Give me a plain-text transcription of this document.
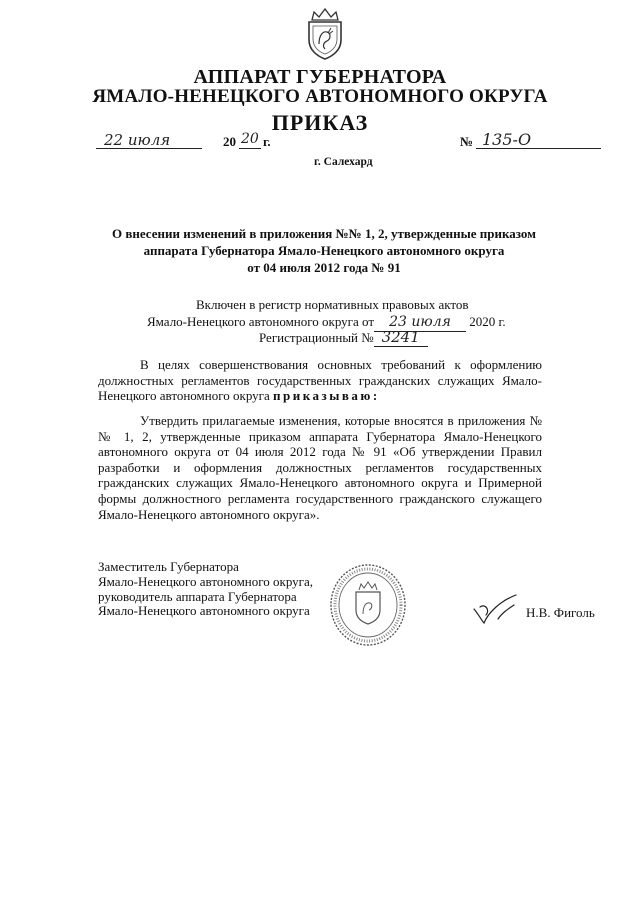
АППАРАТ ГУБЕРНАТОРА
ЯМАЛО-НЕНЕЦКОГО АВТОНОМНОГО ОКРУГА
ПРИКАЗ
22 июля	20 20 г.	№ 135-О
г. Салехард
О внесении изменений в приложения №№ 1, 2, утвержденные приказом
аппарата Губернатора Ямало-Ненецкого автономного округа
от 04 июля 2012 года № 91
Включен в регистр нормативных правовых актов
Ямало-Ненецкого автономного округа от 23 июля 2020 г.
Регистрационный № 3241
В целях совершенствования основных требований к оформлению должностных регламентов государственных гражданских служащих Ямало-Ненецкого автономного округа приказываю:
Утвердить прилагаемые изменения, которые вносятся в приложения №№ 1, 2, утвержденные приказом аппарата Губернатора Ямало-Ненецкого автономного округа от 04 июля 2012 года № 91 «Об утверждении Правил разработки и оформления должностных регламентов государственных гражданских служащих Ямало-Ненецкого автономного округа и Примерной формы должностного регламента государственного гражданского служащего Ямало-Ненецкого автономного округа».
Заместитель Губернатора
Ямало-Ненецкого автономного округа,
руководитель аппарата Губернатора
Ямало-Ненецкого автономного округа	Н.В. Фиголь
